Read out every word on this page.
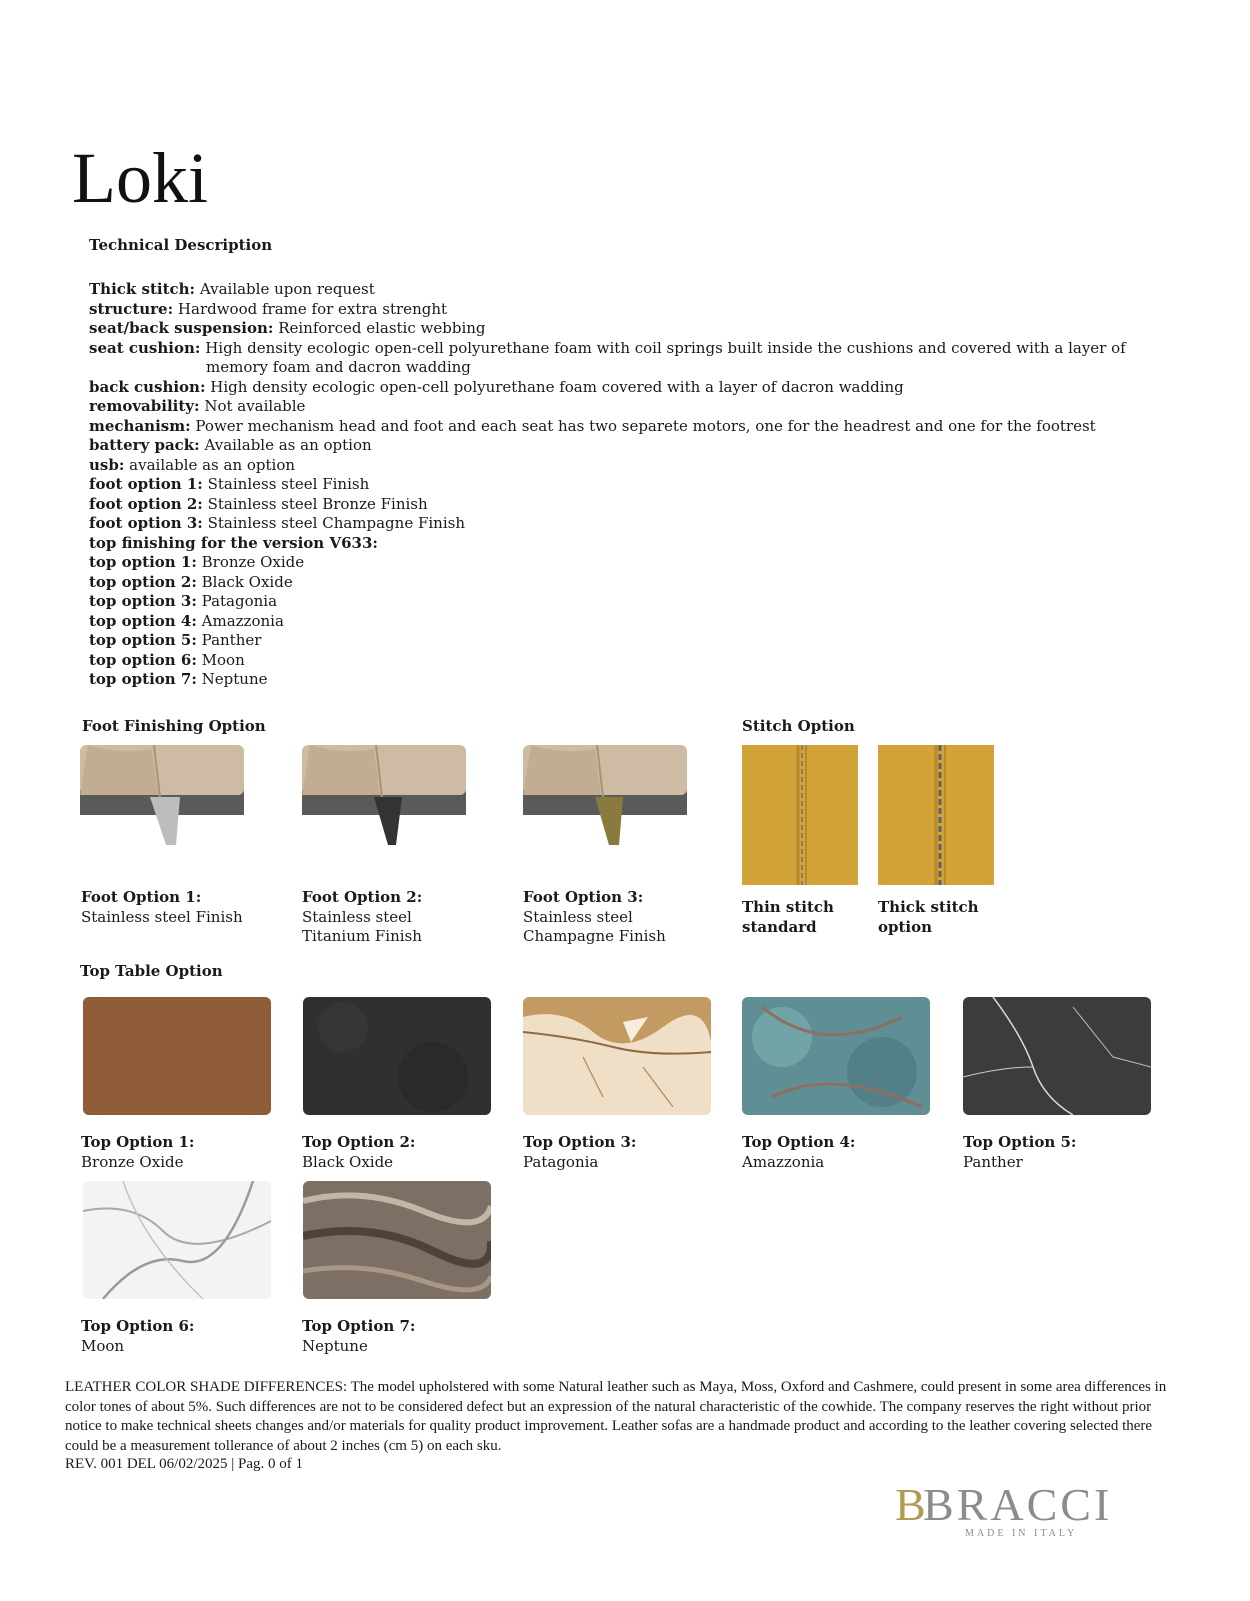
Loki
Technical Description
Thick stitch: Available upon request
structure: Hardwood frame for extra strenght
seat/back suspension: Reinforced elastic webbing
seat cushion: High density ecologic open-cell polyurethane foam with coil springs built inside the cushions and covered with a layer of memory foam and dacron wadding
back cushion: High density ecologic open-cell polyurethane foam covered with a layer of dacron wadding
removability: Not available
mechanism: Power mechanism head and foot and each seat has two separete motors, one for the headrest and one for the footrest
battery pack: Available as an option
usb: available as an option
foot option 1: Stainless steel Finish
foot option 2: Stainless steel Bronze Finish
foot option 3: Stainless steel Champagne Finish
top finishing for the version V633:
top option 1: Bronze Oxide
top option 2: Black Oxide
top option 3: Patagonia
top option 4: Amazzonia
top option 5: Panther
top option 6: Moon
top option 7: Neptune
Foot Finishing Option
Foot Option 1:
Stainless steel Finish
Foot Option 2:
Stainless steel
Titanium Finish
Foot Option 3:
Stainless steel
Champagne Finish
Stitch Option
Thin stitch
standard
Thick stitch
option
Top Table Option
Top Option 1:
Bronze Oxide
Top Option 2:
Black Oxide
Top Option 3:
Patagonia
Top Option 4:
Amazzonia
Top Option 5:
Panther
Top Option 6:
Moon
Top Option 7:
Neptune
LEATHER COLOR SHADE DIFFERENCES: The model upholstered with some Natural leather such as Maya, Moss, Oxford and Cashmere, could present in some area differences in color tones of about 5%. Such differences are not to be considered defect but an expression of the natural characteristic of the cowhide. The company reserves the right without prior notice to make technical sheets changes and/or materials for quality product improvement. Leather sofas are a handmade product and according to the leather covering selected there could be a measurement tollerance of about 2 inches (cm 5) on each sku.
REV. 001 DEL 06/02/2025 | Pag. 0 of 1
B
BRACCI
MADE IN ITALY
